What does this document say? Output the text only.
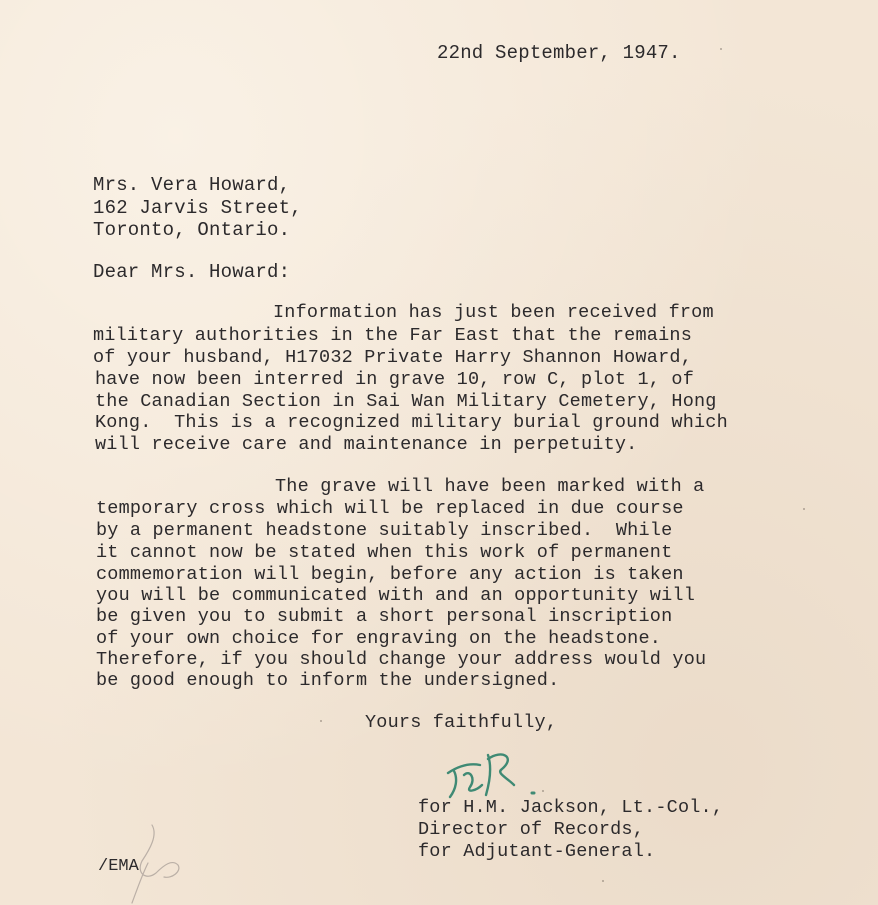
22nd September, 1947.
Mrs. Vera Howard,
162 Jarvis Street,
Toronto, Ontario.
Dear Mrs. Howard:
Information has just been received from
military authorities in the Far East that the remains
of your husband, H17032 Private Harry Shannon Howard,
have now been interred in grave 10, row C, plot 1, of
the Canadian Section in Sai Wan Military Cemetery, Hong
Kong.  This is a recognized military burial ground which
will receive care and maintenance in perpetuity.
The grave will have been marked with a
temporary cross which will be replaced in due course
by a permanent headstone suitably inscribed.  While
it cannot now be stated when this work of permanent
commemoration will begin, before any action is taken
you will be communicated with and an opportunity will
be given you to submit a short personal inscription
of your own choice for engraving on the headstone.
Therefore, if you should change your address would you
be good enough to inform the undersigned.
Yours faithfully,
for H.M. Jackson, Lt.-Col.,
Director of Records,
for Adjutant-General.
/EMA
